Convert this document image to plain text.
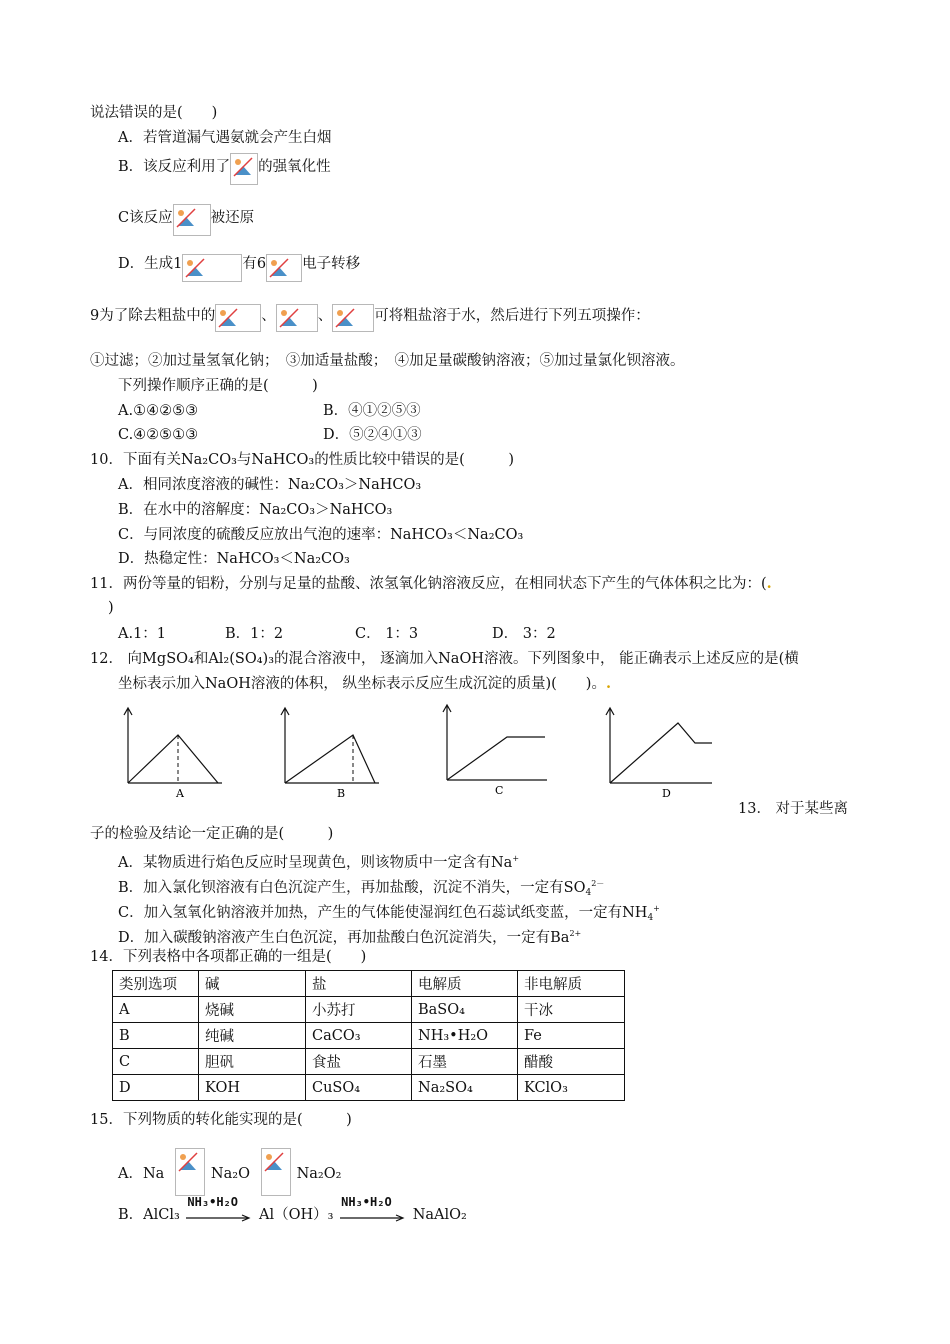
说法错误的是(　　)
A．若管道漏气遇氨就会产生白烟
B．该反应利用了 的强氧化性
C该反应	被还原
D．生成1	有6 电子转移
9为了除去粗盐中的	、	、	可将粗盐溶于水，然后进行下列五项操作：
①过滤；②加过量氢氧化钠；　③加适量盐酸；　④加足量碳酸钠溶液；⑤加过量氯化钡溶液。
下列操作顺序正确的是(　　　)
A.①④②⑤③	B．④①②⑤③
C.④②⑤①③	D．⑤②④①③
10．下面有关Na₂CO₃与NaHCO₃的性质比较中错误的是(　　　)
A．相同浓度溶液的碱性：Na₂CO₃＞NaHCO₃
B．在水中的溶解度：Na₂CO₃＞NaHCO₃
C．与同浓度的硫酸反应放出气泡的速率：NaHCO₃＜Na₂CO₃
D．热稳定性：NaHCO₃＜Na₂CO₃
11．两份等量的铝粉，分别与足量的盐酸、浓氢氧化钠溶液反应，在相同状态下产生的气体体积之比为：(.
)
A.1：1	B．1：2	C． 1：3	D． 3：2
12． 向MgSO₄和Al₂(SO₄)₃的混合溶液中， 逐滴加入NaOH溶液。下列图象中， 能正确表示上述反应的是(横
坐标表示加入NaOH溶液的体积， 纵坐标表示反应生成沉淀的质量)(　　)。.
A	B	C	D
13． 对于某些离
子的检验及结论一定正确的是(　　　)
A．某物质进行焰色反应时呈现黄色，则该物质中一定含有Na+
B．加入氯化钡溶液有白色沉淀产生，再加盐酸，沉淀不消失，一定有$SO_4^{2-}$
C．加入氢氧化钠溶液并加热，产生的气体能使湿润红色石蕊试纸变蓝，一定有$NH_4^+$
D．加入碳酸钠溶液产生白色沉淀，再加盐酸白色沉淀消失，一定有$Ba^{2+}$
14．下列表格中各项都正确的一组是(　　)
类别选项	碱	盐	电解质	非电解质
A	烧碱	小苏打	BaSO₄	干冰
B	纯碱	CaCO₃	NH₃•H₂O	Fe
C	胆矾	食盐	石墨	醋酸
D	KOH	CuSO₄	Na₂SO₄	KClO₃
15．下列物质的转化能实现的是(　　　)
A．Na	Na₂O	Na₂O₂
B．AlCl₃
NH₃•H₂O
Al（OH）₃
NH₃•H₂O
NaAlO₂
